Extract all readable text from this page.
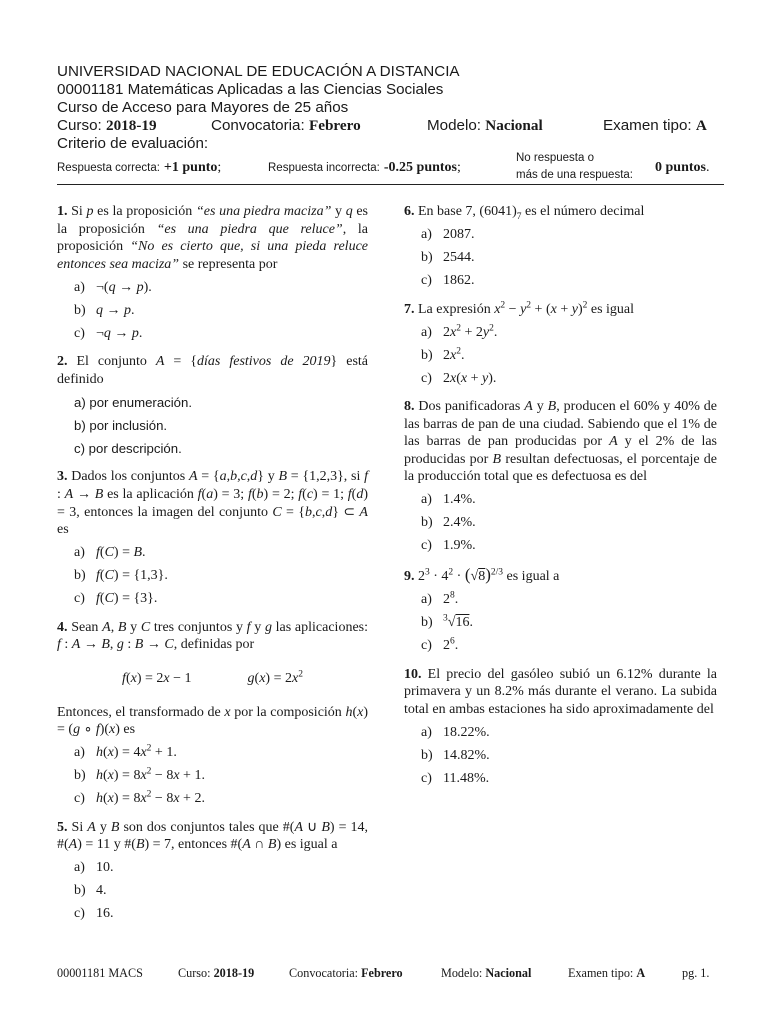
UNIVERSIDAD NACIONAL DE EDUCACIÓN A DISTANCIA
00001181 Matemáticas Aplicadas a las Ciencias Sociales
Curso de Acceso para Mayores de 25 años
Curso: 2018-19	Convocatoria: Febrero	Modelo: Nacional	Examen tipo: A
Criterio de evaluación:
Respuesta correcta: +1 punto;	Respuesta incorrecta: -0.25 puntos;
No respuesta o
más de una respuesta: 0 puntos.

1. Si p es la proposición “es una piedra maciza” y q es la proposición “es una piedra que reluce”, la proposición “No es cierto que, si una pieda reluce entonces sea maciza” se representa por

a) ¬(q → p).
b) q → p.
c) ¬q → p.

2. El conjunto A = {días festivos de 2019} está definido

a) por enumeración.
b) por inclusión.
c) por descripción.

3. Dados los conjuntos A = {a,b,c,d} y B = {1,2,3}, si f : A → B es la aplicación f(a) = 3; f(b) = 2; f(c) = 1; f(d) = 3, entonces la imagen del conjunto C = {b,c,d} ⊂ A es

a) f(C) = B.
b) f(C) = {1,3}.
c) f(C) = {3}.

4. Sean A, B y C tres conjuntos y f y g las aplicaciones: f : A → B, g : B → C, definidas por

f(x) = 2x − 1	$g(x) = 2x^2$

Entonces, el transformado de x por la composición h(x) = (g ∘ f)(x) es

a) $h(x) = 4x^2 + 1$.
b) $h(x) = 8x^2 - 8x + 1$.
c) $h(x) = 8x^2 - 8x + 2$.

5. Si A y B son dos conjuntos tales que #(A ∪ B) = 14, #(A) = 11 y #(B) = 7, entonces #(A ∩ B) es igual a

a) 10.
b) 4.
c) 16.

6. En base 7, $(6041)_7$ es el número decimal

a) 2087.
b) 2544.
c) 1862.

7. La expresión $x^2 - y^2 + (x + y)^2$ es igual

a) $2x^2 + 2y^2$.
b) $2x^2$.
c) 2x(x + y).

8. Dos panificadoras A y B, producen el 60% y 40% de las barras de pan de una ciudad. Sabiendo que el 1% de las barras de pan producidas por A y el 2% de las producidas por B resultan defectuosas, el porcentaje de la producción total que es defectuosa es del

a) 1.4%.
b) 2.4%.
c) 1.9%.

9. $2^3 \cdot 4^2 \cdot (√8)^{2/3}$ es igual a

a) $2^8$.
b) $^3$√16.
c) $2^6$.

10. El precio del gasóleo subió un 6.12% durante la primavera y un 8.2% más durante el verano. La subida total en ambas estaciones ha sido aproximadamente del

a) 18.22%.
b) 14.82%.
c) 11.48%.
00001181 MACS	Curso: 2018-19	Convocatoria: Febrero	Modelo: Nacional	Examen tipo: A	pg. 1.
